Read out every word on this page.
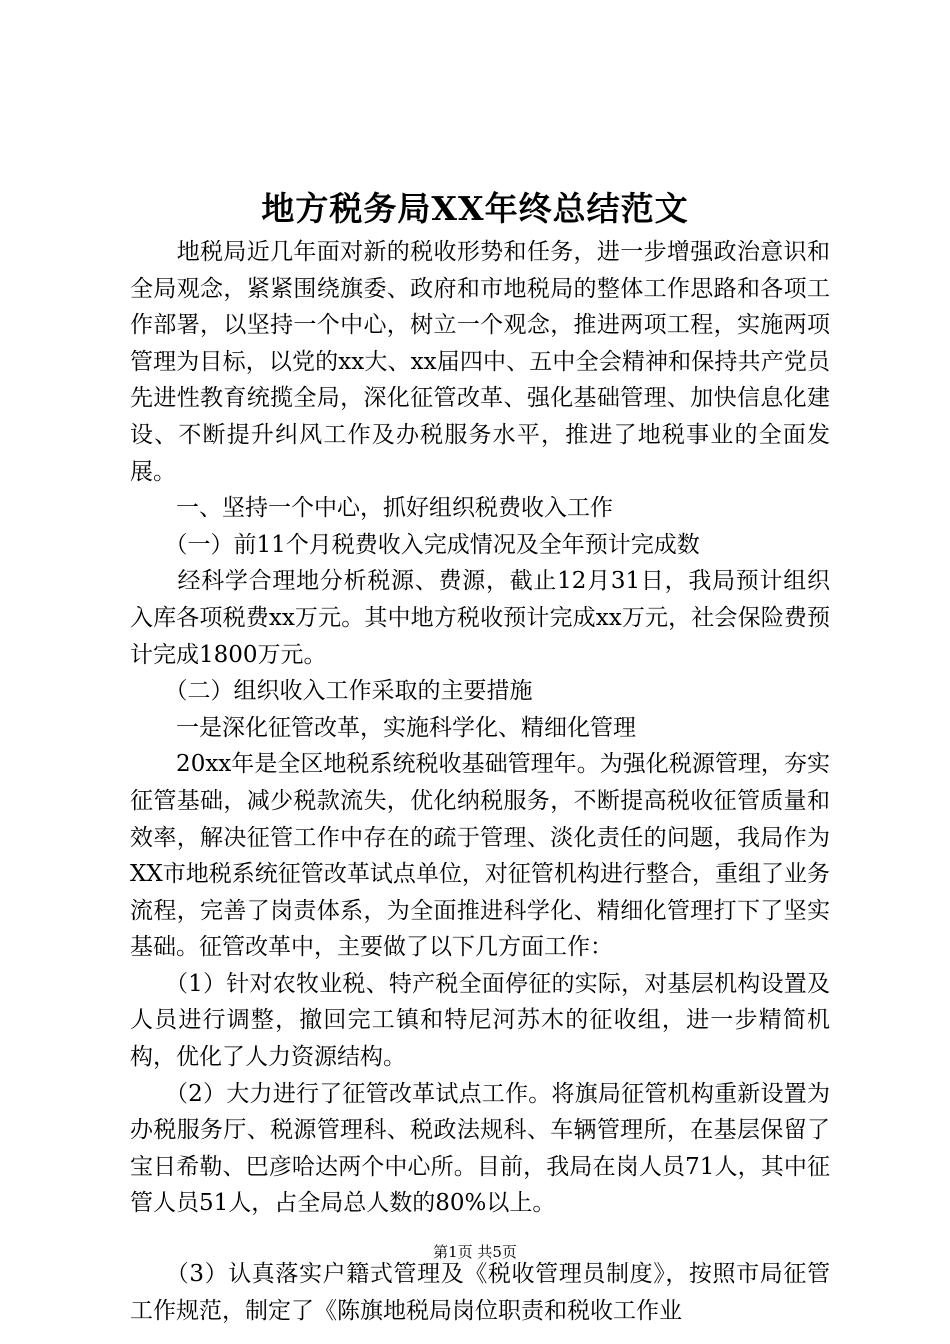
地方税务局XX年终总结范文

　　地税局近几年面对新的税收形势和任务，进一步增强政治意识和全局观念，紧紧围绕旗委、政府和市地税局的整体工作思路和各项工作部署，以坚持一个中心，树立一个观念，推进两项工程，实施两项管理为目标，以党的xx大、xx届四中、五中全会精神和保持共产党员先进性教育统揽全局，深化征管改革、强化基础管理、加快信息化建设、不断提升纠风工作及办税服务水平，推进了地税事业的全面发展。

　　一、坚持一个中心，抓好组织税费收入工作

　　（一）前11个月税费收入完成情况及全年预计完成数

　　经科学合理地分析税源、费源，截止12月31日，我局预计组织入库各项税费xx万元。其中地方税收预计完成xx万元，社会保险费预计完成1800万元。

　　（二）组织收入工作采取的主要措施

　　一是深化征管改革，实施科学化、精细化管理

　　20xx年是全区地税系统税收基础管理年。为强化税源管理，夯实征管基础，减少税款流失，优化纳税服务，不断提高税收征管质量和效率，解决征管工作中存在的疏于管理、淡化责任的问题，我局作为XX市地税系统征管改革试点单位，对征管机构进行整合，重组了业务流程，完善了岗责体系，为全面推进科学化、精细化管理打下了坚实基础。征管改革中，主要做了以下几方面工作：

　　（1）针对农牧业税、特产税全面停征的实际，对基层机构设置及人员进行调整，撤回完工镇和特尼河苏木的征收组，进一步精简机构，优化了人力资源结构。

　　（2）大力进行了征管改革试点工作。将旗局征管机构重新设置为办税服务厅、税源管理科、税政法规科、车辆管理所，在基层保留了宝日希勒、巴彦哈达两个中心所。目前，我局在岗人员71人，其中征管人员51人，占全局总人数的80%以上。

　　（3）认真落实户籍式管理及《税收管理员制度》，按照市局征管工作规范，制定了《陈旗地税局岗位职责和税收工作业

第1页 共5页
